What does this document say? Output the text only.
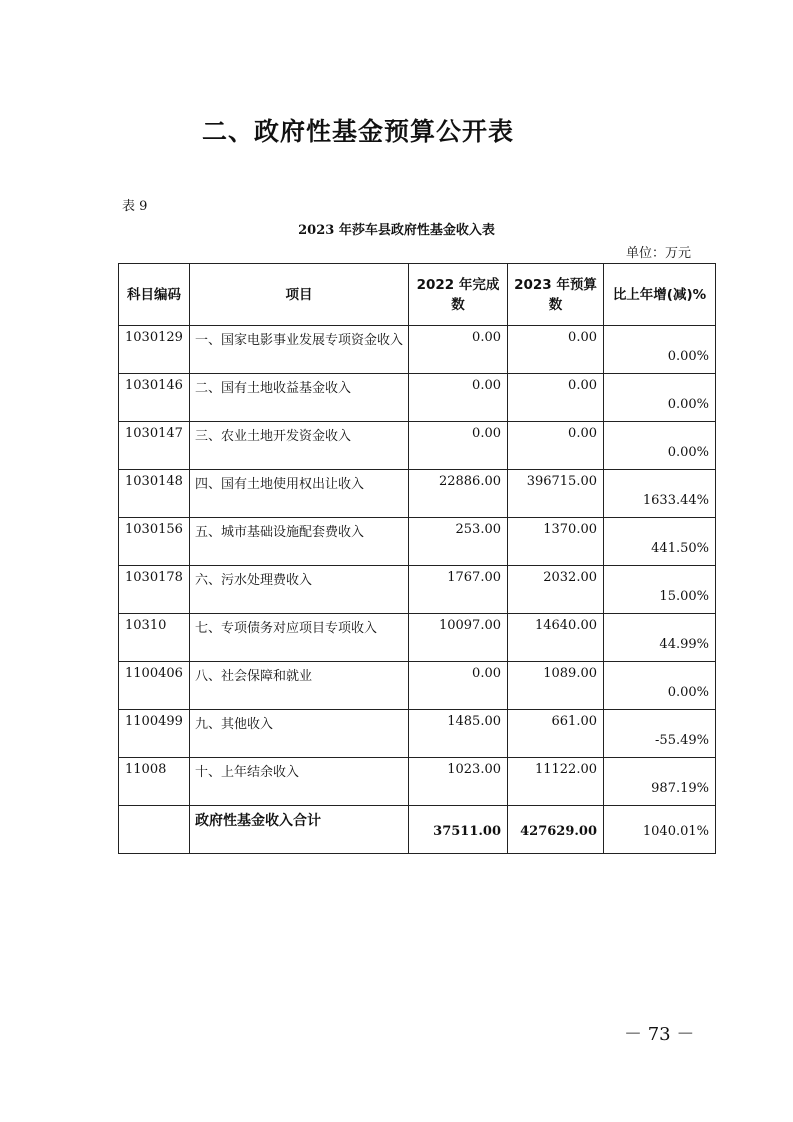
二、政府性基金预算公开表
表 9
2023 年莎车县政府性基金收入表
单位：万元
科目编码	项目	2022 年完成数	2023 年预算数	比上年增(减)%
1030129	一、国家电影事业发展专项资金收入	0.00	0.00	0.00%
1030146	二、国有土地收益基金收入	0.00	0.00	0.00%
1030147	三、农业土地开发资金收入	0.00	0.00	0.00%
1030148	四、国有土地使用权出让收入	22886.00	396715.00	1633.44%
1030156	五、城市基础设施配套费收入	253.00	1370.00	441.50%
1030178	六、污水处理费收入	1767.00	2032.00	15.00%
10310	七、专项债务对应项目专项收入	10097.00	14640.00	44.99%
1100406	八、社会保障和就业	0.00	1089.00	0.00%
1100499	九、其他收入	1485.00	661.00	-55.49%
11008	十、上年结余收入	1023.00	11122.00	987.19%
	政府性基金收入合计	37511.00	427629.00	1040.01%
－ 73 －
